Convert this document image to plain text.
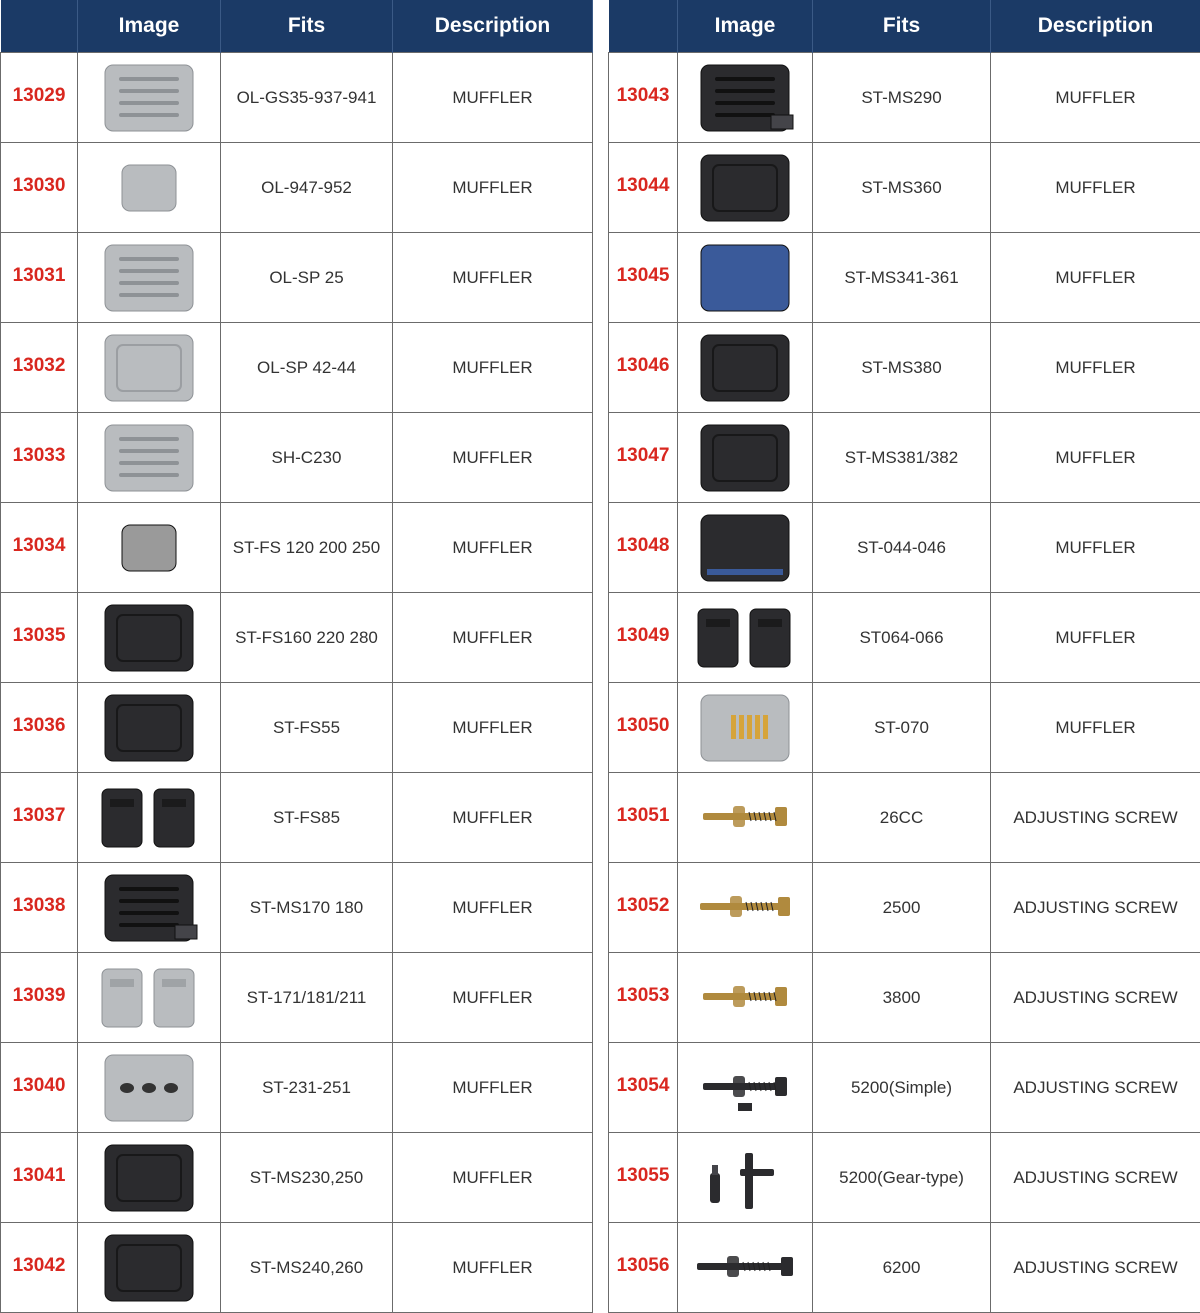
	Image	Fits	Description
13029		OL-GS35-937-941	MUFFLER
13030		OL-947-952	MUFFLER
13031		OL-SP 25	MUFFLER
13032		OL-SP 42-44	MUFFLER
13033		SH-C230	MUFFLER
13034		ST-FS 120 200 250	MUFFLER
13035		ST-FS160 220 280	MUFFLER
13036		ST-FS55	MUFFLER
13037		ST-FS85	MUFFLER
13038		ST-MS170 180	MUFFLER
13039		ST-171/181/211	MUFFLER
13040		ST-231-251	MUFFLER
13041		ST-MS230,250	MUFFLER
13042		ST-MS240,260	MUFFLER
	Image	Fits	Description
13043		ST-MS290	MUFFLER
13044		ST-MS360	MUFFLER
13045		ST-MS341-361	MUFFLER
13046		ST-MS380	MUFFLER
13047		ST-MS381/382	MUFFLER
13048		ST-044-046	MUFFLER
13049		ST064-066	MUFFLER
13050		ST-070	MUFFLER
13051		26CC	ADJUSTING SCREW
13052		2500	ADJUSTING SCREW
13053		3800	ADJUSTING SCREW
13054		5200(Simple)	ADJUSTING SCREW
13055		5200(Gear-type)	ADJUSTING SCREW
13056		6200	ADJUSTING SCREW
